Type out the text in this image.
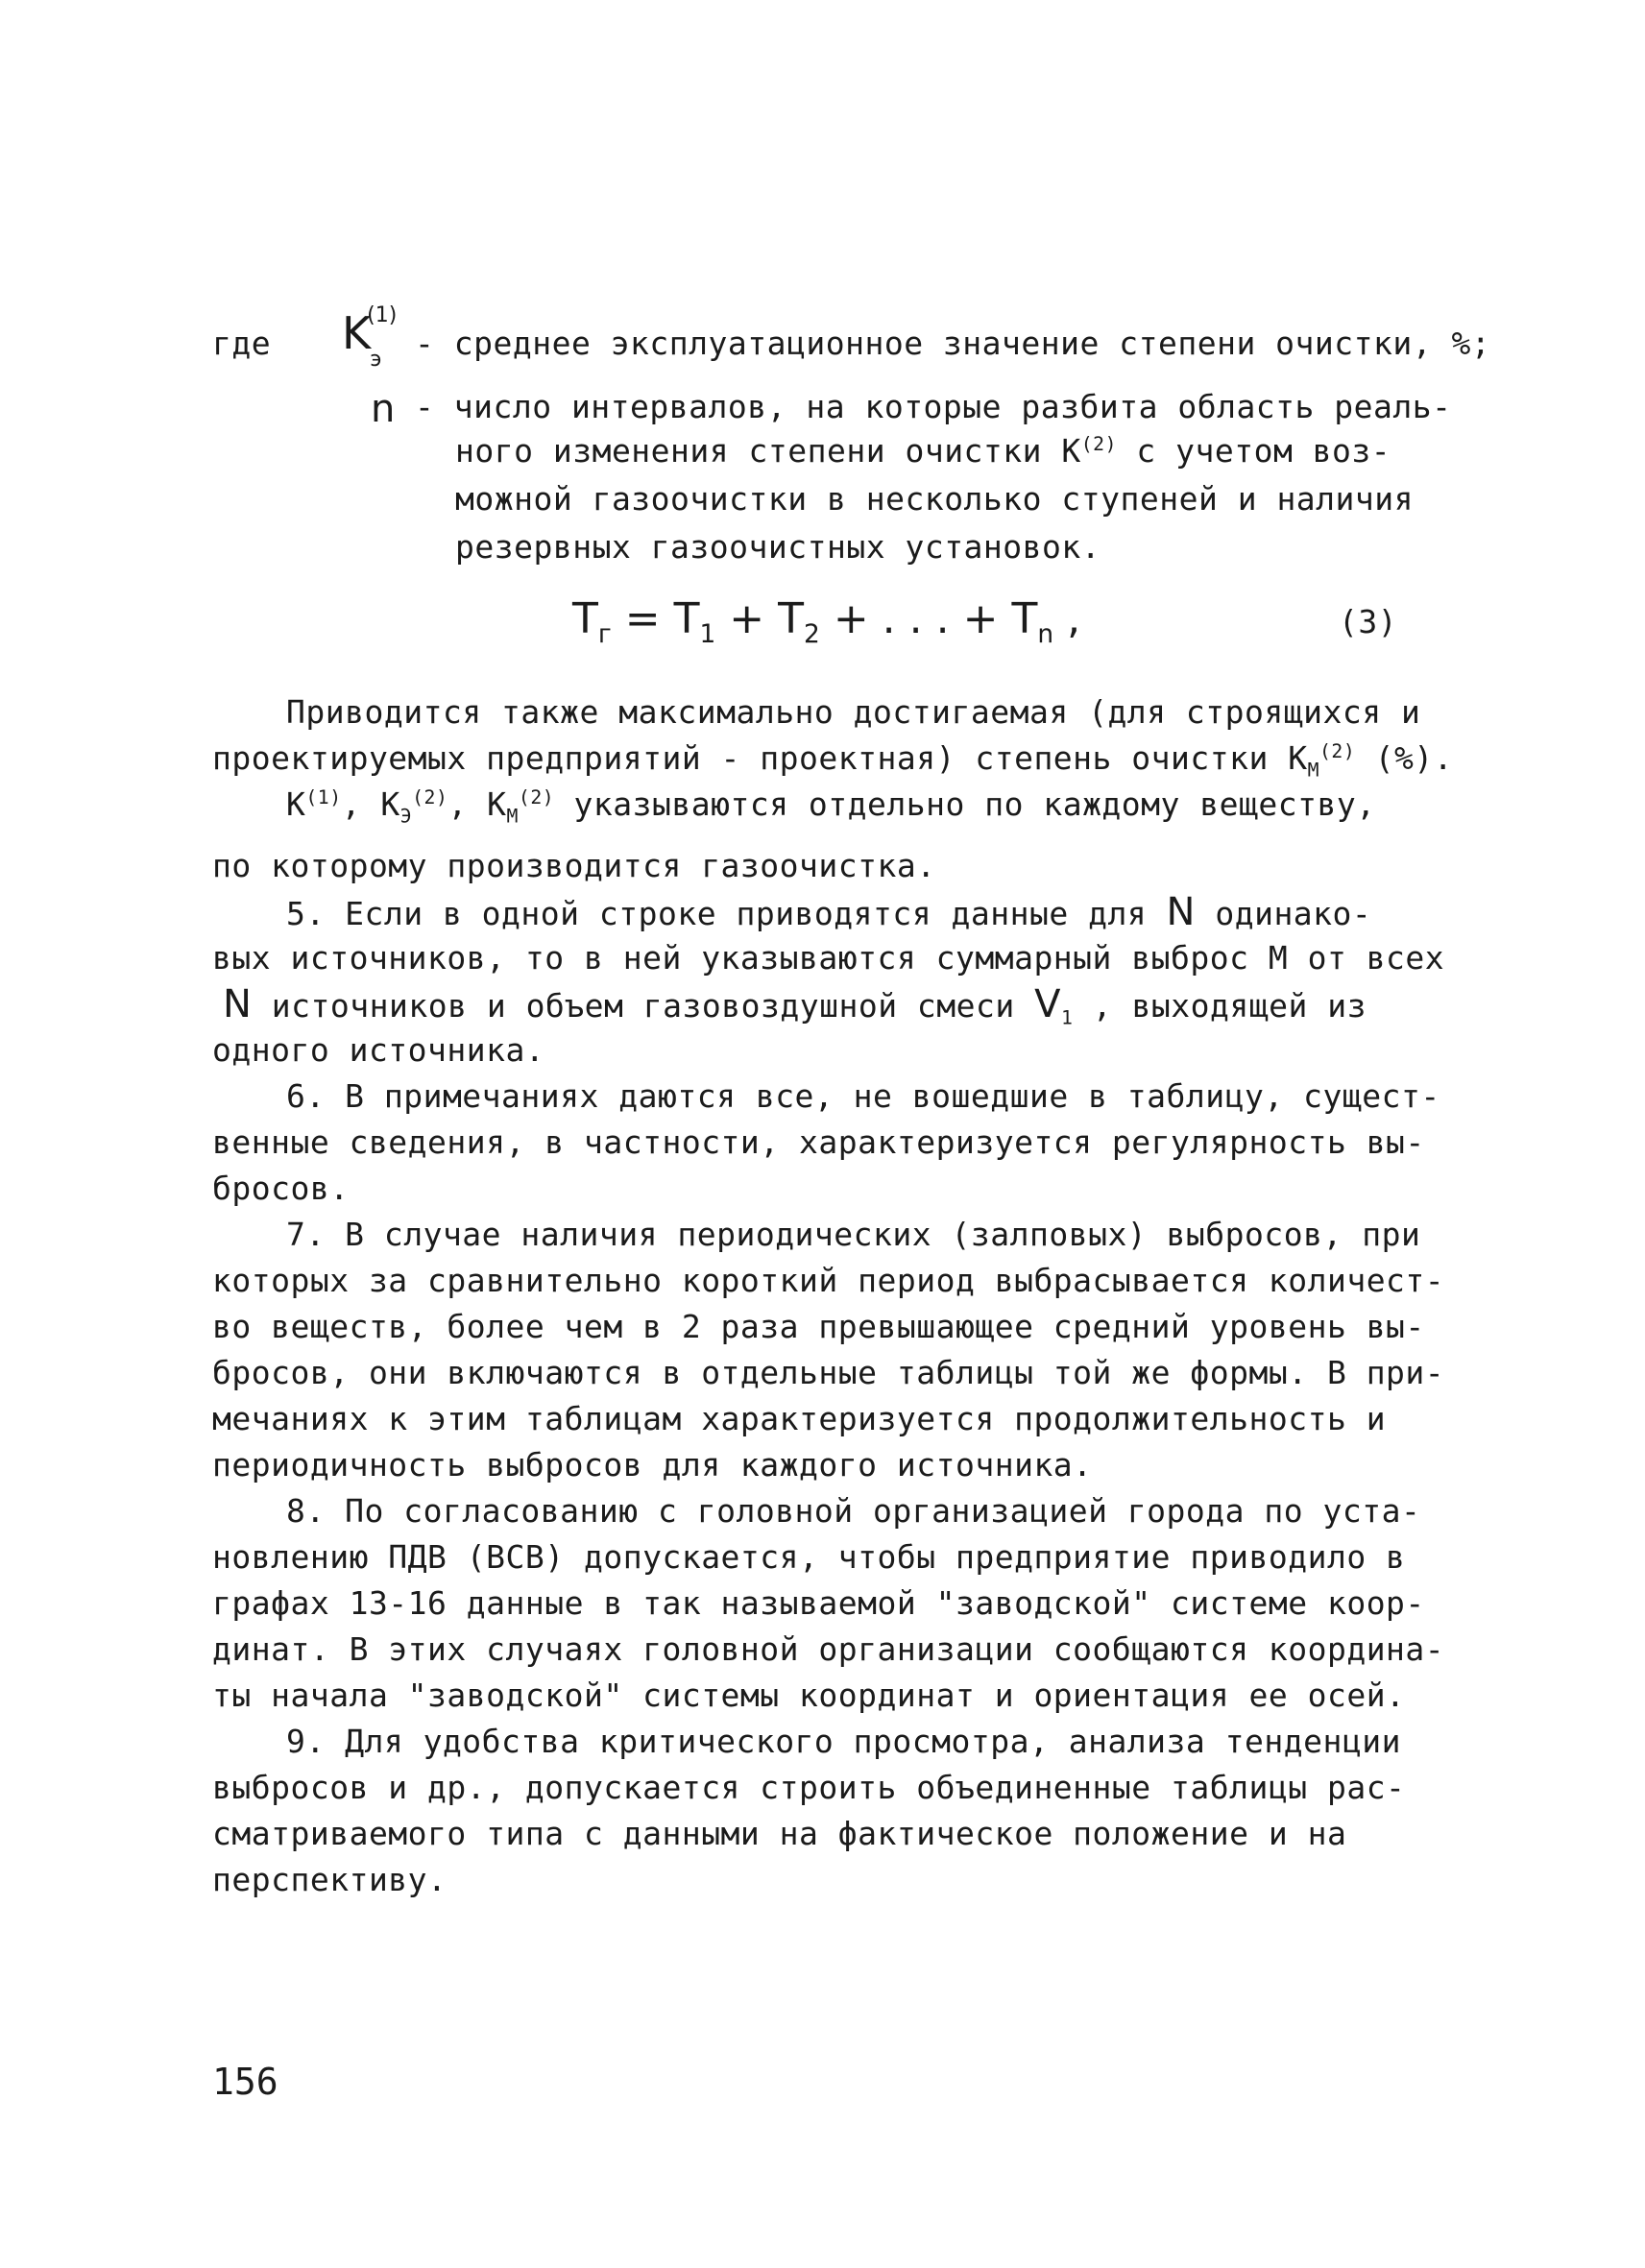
где $K^{(1)}_э$	- среднее эксплуатационное значение степени очистки, %;
n - число интервалов, на которые разбита область реаль-
ного изменения степени очистки $К^{(2)}$ с учетом воз-
можной газоочистки в несколько ступеней и наличия
резервных газоочистных установок.
$T_г = T_1 + T_2$ + . . . + $T_n$ ,	(3)
Приводится также максимально достигаемая (для строящихся и
проектируемых предприятий - проектная) степень очистки $К_М^{(2)}$ (%).
$К^{(1)}$, $К_Э^{(2)}$, $К_М^{(2)}$ указываются отдельно по каждому веществу,
по которому производится газоочистка.
5. Если в одной строке приводятся данные для N одинако-
вых источников, то в ней указываются суммарный выброс М от всех
N источников и объем газовоздушной смеси $V_1$ , выходящей из
одного источника.
6. В примечаниях даются все, не вошедшие в таблицу, сущест-
венные сведения, в частности, характеризуется регулярность вы-
бросов.
7. В случае наличия периодических (залповых) выбросов, при
которых за сравнительно короткий период выбрасывается количест-
во веществ, более чем в 2 раза превышающее средний уровень вы-
бросов, они включаются в отдельные таблицы той же формы. В при-
мечаниях к этим таблицам характеризуется продолжительность и
периодичность выбросов для каждого источника.
8. По согласованию с головной организацией города по уста-
новлению ПДВ (ВСВ) допускается, чтобы предприятие приводило в
графах 13-16 данные в так называемой "заводской" системе коор-
динат. В этих случаях головной организации сообщаются координа-
ты начала "заводской" системы координат и ориентация ее осей.
9. Для удобства критического просмотра, анализа тенденции
выбросов и др., допускается строить объединенные таблицы рас-
сматриваемого типа с данными на фактическое положение и на
перспективу.
156
